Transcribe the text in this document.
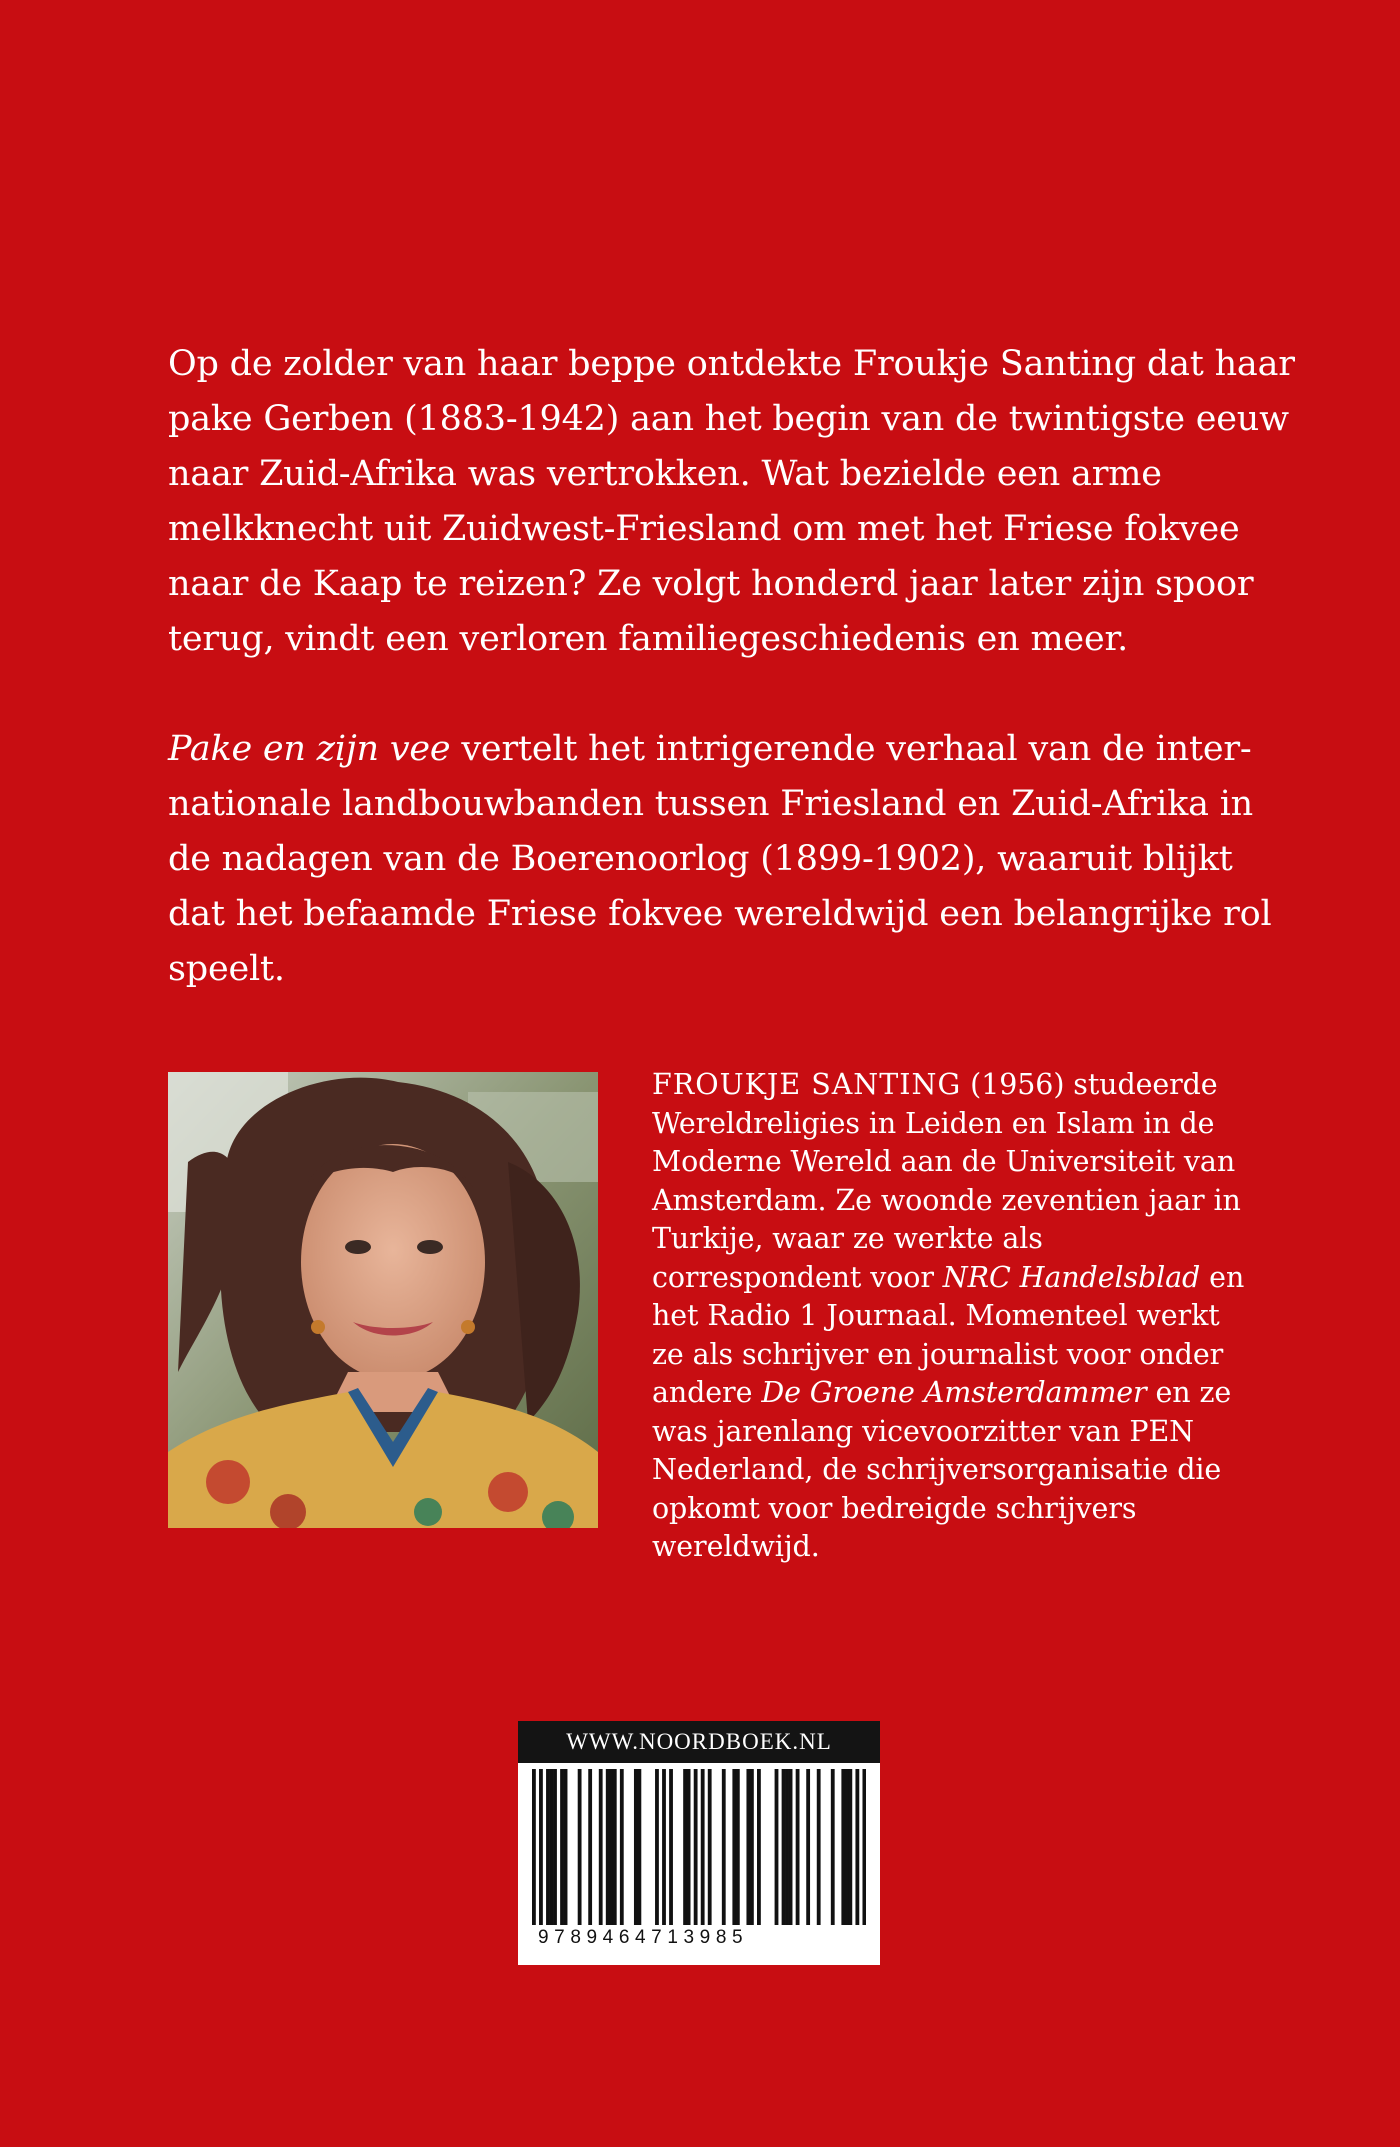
Op de zolder van haar beppe ontdekte Froukje Santing dat haar pake Gerben (1883-1942) aan het begin van de twintigste eeuw naar Zuid-Afrika was vertrokken. Wat bezielde een arme melkknecht uit Zuidwest-Friesland om met het Friese fokvee naar de Kaap te reizen? Ze volgt honderd jaar later zijn spoor terug, vindt een verloren familiegeschiedenis en meer.

Pake en zijn vee vertelt het intrigerende verhaal van de inter-nationale landbouwbanden tussen Friesland en Zuid-Afrika in de nadagen van de Boerenoorlog (1899-1902), waaruit blijkt dat het befaamde Friese fokvee wereldwijd een belangrijke rol speelt.

FROUKJE SANTING (1956) studeerde Wereldreligies in Leiden en Islam in de Moderne Wereld aan de Universiteit van Amsterdam. Ze woonde zeventien jaar in Turkije, waar ze werkte als correspondent voor NRC Handelsblad en het Radio 1 Journaal. Momenteel werkt ze als schrijver en journalist voor onder andere De Groene Amsterdammer en ze was jarenlang vicevoorzitter van PEN Nederland, de schrijversorganisatie die opkomt voor bedreigde schrijvers wereldwijd.

WWW.NOORDBOEK.NL
9789464713985
